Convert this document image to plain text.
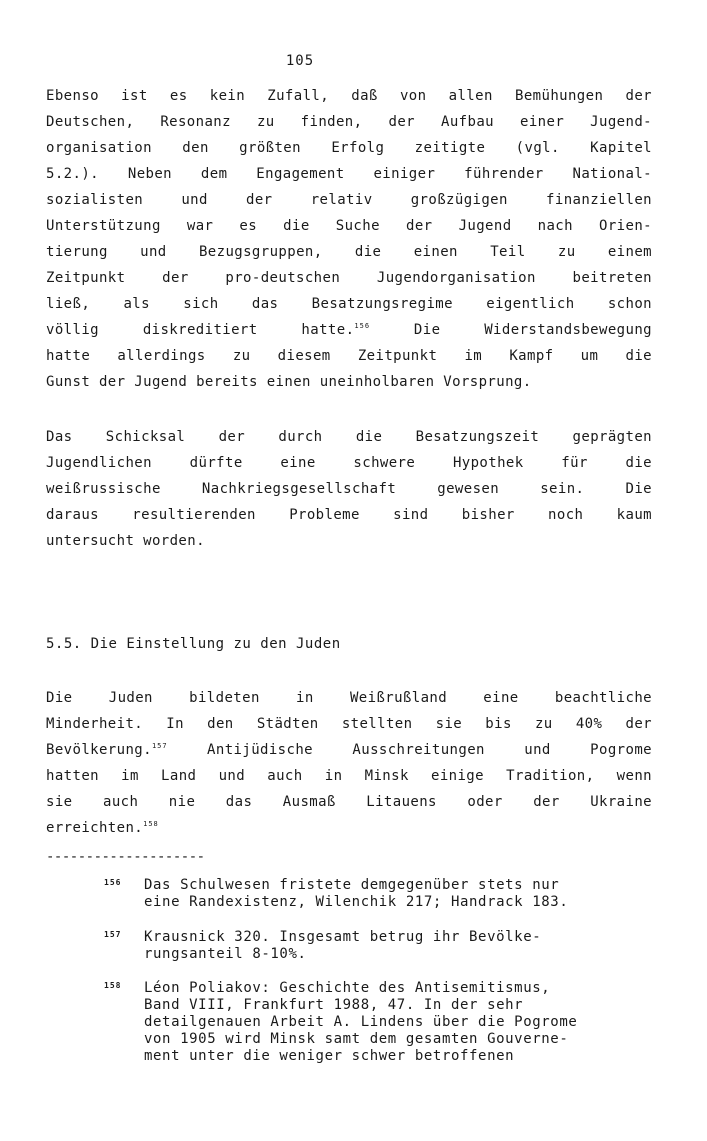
105
Ebenso ist es kein Zufall, daß von allen Bemühungen der
Deutschen, Resonanz zu finden, der Aufbau einer Jugend-
organisation den größten Erfolg zeitigte (vgl. Kapitel
5.2.). Neben dem Engagement einiger führender National-
sozialisten und der relativ großzügigen finanziellen
Unterstützung war es die Suche der Jugend nach Orien-
tierung und Bezugsgruppen, die einen Teil zu einem
Zeitpunkt der pro-deutschen Jugendorganisation beitreten
ließ, als sich das Besatzungsregime eigentlich schon
völlig diskreditiert hatte.$^{156}$	Die Widerstandsbewegung
hatte allerdings zu diesem Zeitpunkt im Kampf um die
Gunst der Jugend bereits einen uneinholbaren Vorsprung.
Das Schicksal der durch die Besatzungszeit geprägten
Jugendlichen dürfte eine schwere Hypothek für die
weißrussische Nachkriegsgesellschaft gewesen sein. Die
daraus resultierenden Probleme sind bisher noch kaum
untersucht worden.
5.5. Die Einstellung zu den Juden
Die Juden bildeten in Weißrußland eine beachtliche
Minderheit. In den Städten stellten sie bis zu 40% der
Bevölkerung.$^{157}$	Antijüdische Ausschreitungen und Pogrome
hatten im Land und auch in Minsk einige Tradition, wenn
sie auch nie das Ausmaß Litauens oder der Ukraine
erreichten.$^{158}$
--------------------
156 Das Schulwesen fristete demgegenüber stets nur
eine Randexistenz, Wilenchik 217; Handrack 183.
157 Krausnick 320. Insgesamt betrug ihr Bevölke-
rungsanteil 8-10%.
158 Léon Poliakov: Geschichte des Antisemitismus,
Band VIII, Frankfurt 1988, 47. In der sehr
detailgenauen Arbeit A. Lindens über die Pogrome
von 1905 wird Minsk samt dem gesamten Gouverne-
ment unter die weniger schwer betroffenen
